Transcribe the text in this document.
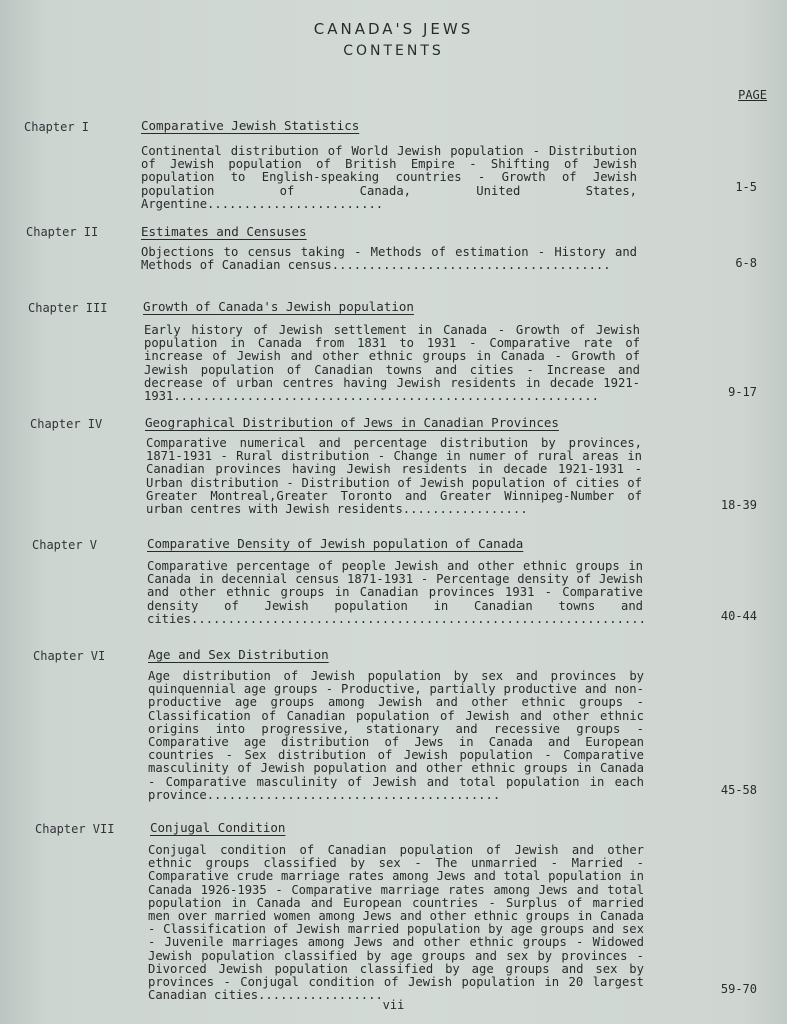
CANADA'S JEWS
CONTENTS
PAGE
Chapter I	Comparative Jewish Statistics
Continental distribution of World Jewish population - Distribution of Jewish population of British Empire - Shifting of Jewish population to English-speaking countries - Growth of Jewish population of Canada, United States, Argentine........................
1-5
Chapter II	Estimates and Censuses
Objections to census taking - Methods of estimation - History and Methods of Canadian census......................................	6-8
Chapter III	Growth of Canada's Jewish population
Early history of Jewish settlement in Canada - Growth of Jewish population in Canada from 1831 to 1931 - Comparative rate of increase of Jewish and other ethnic groups in Canada - Growth of Jewish population of Canadian towns and cities - Increase and decrease of urban centres having Jewish residents in decade 1921-1931..........................................................	9-17
Chapter IV	Geographical Distribution of Jews in Canadian Provinces
Comparative numerical and percentage distribution by provinces, 1871-1931 - Rural distribution - Change in numer of rural areas in Canadian provinces having Jewish residents in decade 1921-1931 - Urban distribution - Distribution of Jewish population of cities of Greater Montreal,Greater Toronto and Greater Winnipeg-Number of urban centres with Jewish residents.................	18-39
Chapter V	Comparative Density of Jewish population of Canada
Comparative percentage of people Jewish and other ethnic groups in Canada in decennial census 1871-1931 - Percentage density of Jewish and other ethnic groups in Canadian provinces 1931 - Comparative density of Jewish population in Canadian towns and cities..............................................................	40-44
Chapter VI	Age and Sex Distribution
Age distribution of Jewish population by sex and provinces by quinquennial age groups - Productive, partially productive and non-productive age groups among Jewish and other ethnic groups - Classification of Canadian population of Jewish and other ethnic origins into progressive, stationary and recessive groups - Comparative age distribution of Jews in Canada and European countries - Sex distribution of Jewish population - Comparative masculinity of Jewish population and other ethnic groups in Canada - Comparative masculinity of Jewish and total population in each province........................................	45-58
Chapter VII	Conjugal Condition
Conjugal condition of Canadian population of Jewish and other ethnic groups classified by sex - The unmarried - Married - Comparative crude marriage rates among Jews and total population in Canada 1926-1935 - Comparative marriage rates among Jews and total population in Canada and European countries - Surplus of married men over married women among Jews and other ethnic groups in Canada - Classification of Jewish married population by age groups and sex - Juvenile marriages among Jews and other ethnic groups - Widowed Jewish population classified by age groups and sex by provinces - Divorced Jewish population classified by age groups and sex by provinces - Conjugal condition of Jewish population in 20 largest Canadian cities.................	59-70
vii
